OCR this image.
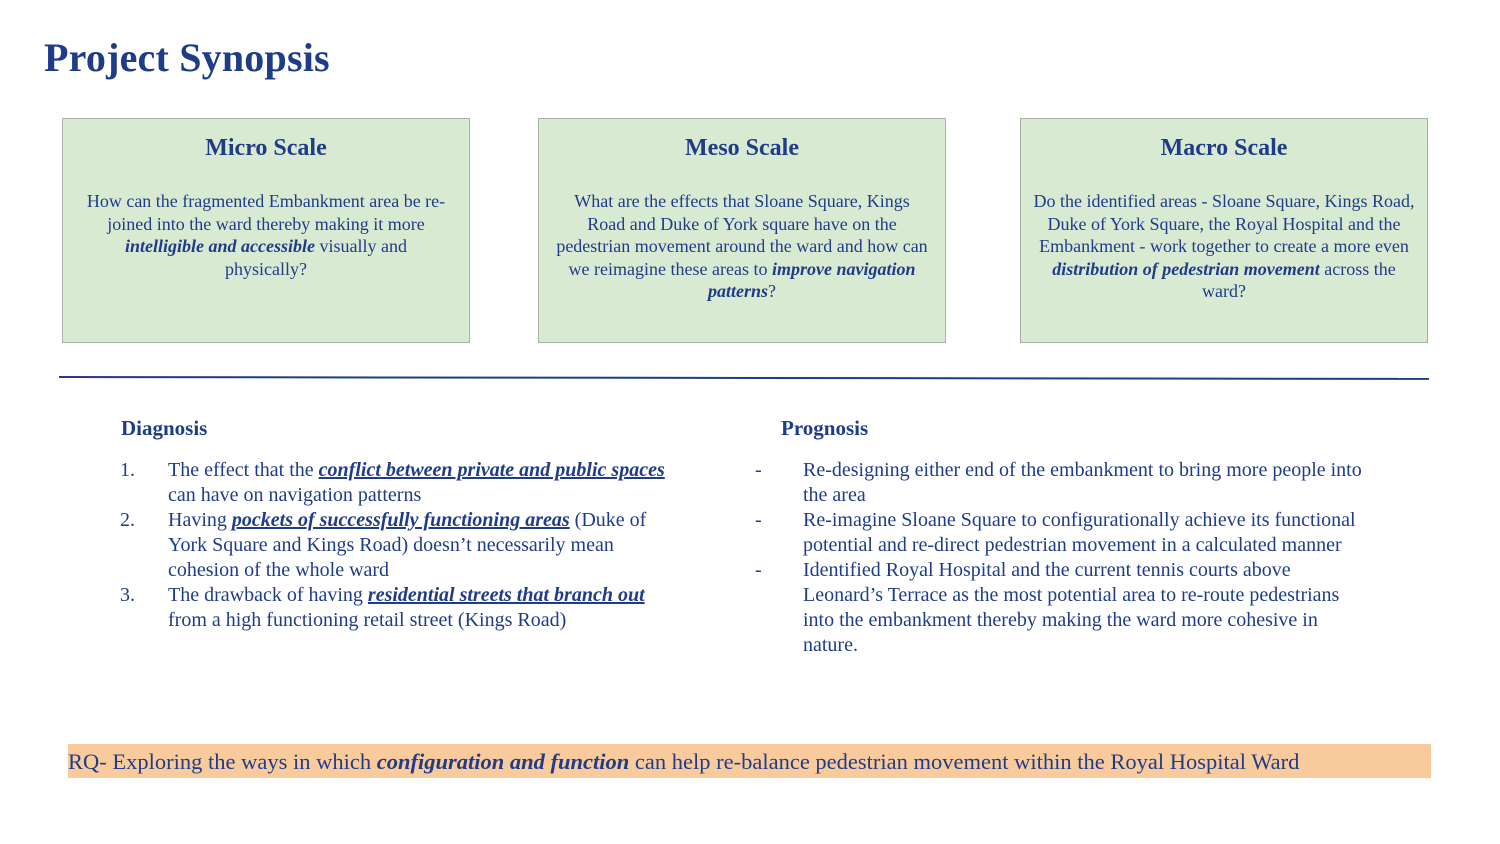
Project Synopsis
Micro Scale
How can the fragmented Embankment area be re-joined into the ward thereby making it more intelligible and accessible visually and physically?
Meso Scale
What are the effects that Sloane Square, Kings Road and Duke of York square have on the pedestrian movement around the ward and how can we reimagine these areas to improve navigation patterns?
Macro Scale
Do the identified areas - Sloane Square, Kings Road, Duke of York Square, the Royal Hospital and the Embankment - work together to create a more even distribution of pedestrian movement across the ward?
Diagnosis
1. The effect that the conflict between private and public spaces can have on navigation patterns
2. Having pockets of successfully functioning areas (Duke of York Square and Kings Road) doesn’t necessarily mean cohesion of the whole ward
3. The drawback of having residential streets that branch out from a high functioning retail street (Kings Road)
Prognosis
- Re-designing either end of the embankment to bring more people into the area
- Re-imagine Sloane Square to configurationally achieve its functional potential and re-direct pedestrian movement in a calculated manner
- Identified Royal Hospital and the current tennis courts above Leonard’s Terrace as the most potential area to re-route pedestrians into the embankment thereby making the ward more cohesive in nature.
RQ- Exploring the ways in which configuration and function can help re-balance pedestrian movement within the Royal Hospital Ward
